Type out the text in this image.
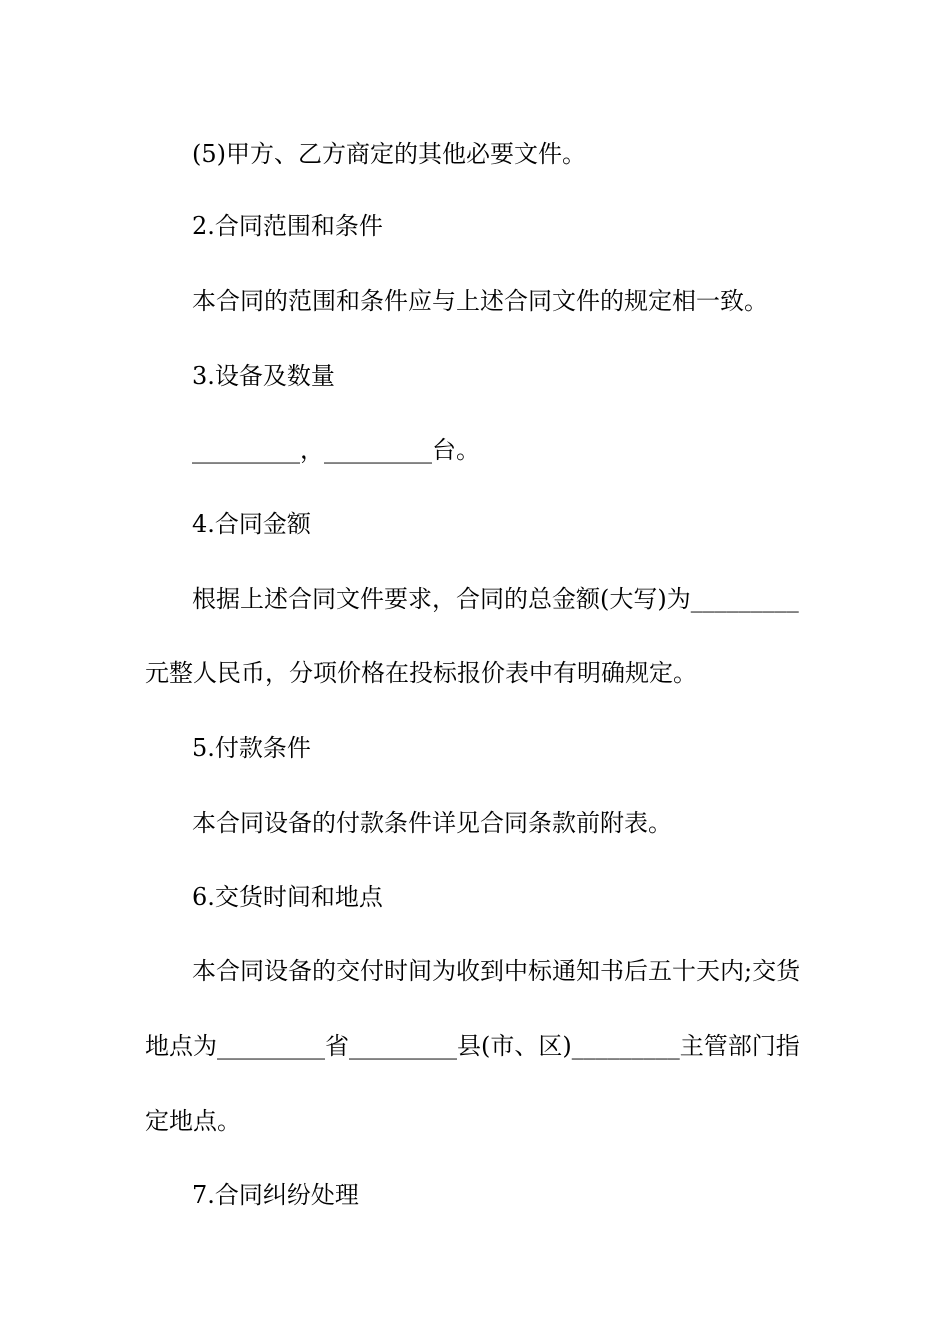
(5)甲方、乙方商定的其他必要文件。
2.合同范围和条件
本合同的范围和条件应与上述合同文件的规定相一致。
3.设备及数量
_________，_________台。
4.合同金额
根据上述合同文件要求，合同的总金额(大写)为_________
元整人民币，分项价格在投标报价表中有明确规定。
5.付款条件
本合同设备的付款条件详见合同条款前附表。
6.交货时间和地点
本合同设备的交付时间为收到中标通知书后五十天内;交货
地点为_________省_________县(市、区)_________主管部门指
定地点。
7.合同纠纷处理
